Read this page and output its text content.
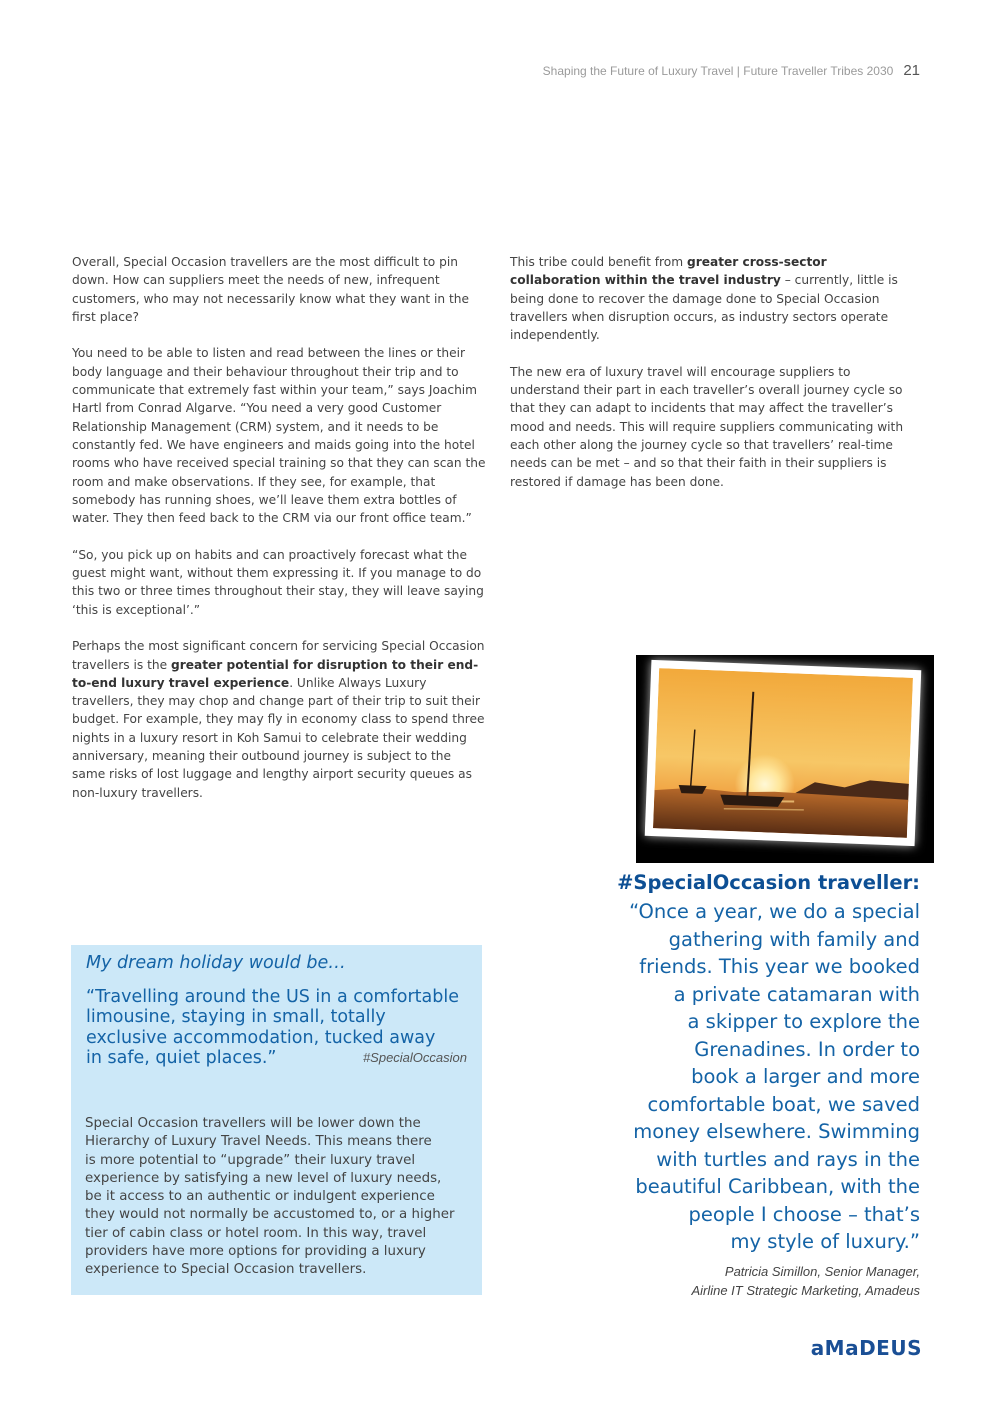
Shaping the Future of Luxury Travel | Future Traveller Tribes 2030 21

Overall, Special Occasion travellers are the most difficult to pin down. How can suppliers meet the needs of new, infrequent customers, who may not necessarily know what they want in the first place?

You need to be able to listen and read between the lines or their body language and their behaviour throughout their trip and to communicate that extremely fast within your team,” says Joachim Hartl from Conrad Algarve. “You need a very good Customer Relationship Management (CRM) system, and it needs to be constantly fed. We have engineers and maids going into the hotel rooms who have received special training so that they can scan the room and make observations. If they see, for example, that somebody has running shoes, we’ll leave them extra bottles of water. They then feed back to the CRM via our front office team.”

“So, you pick up on habits and can proactively forecast what the guest might want, without them expressing it. If you manage to do this two or three times throughout their stay, they will leave saying ‘this is exceptional’.”

Perhaps the most significant concern for servicing Special Occasion travellers is the greater potential for disruption to their end-to-end luxury travel experience. Unlike Always Luxury travellers, they may chop and change part of their trip to suit their budget. For example, they may fly in economy class to spend three nights in a luxury resort in Koh Samui to celebrate their wedding anniversary, meaning their outbound journey is subject to the same risks of lost luggage and lengthy airport security queues as non-luxury travellers.

This tribe could benefit from greater cross-sector collaboration within the travel industry – currently, little is being done to recover the damage done to Special Occasion travellers when disruption occurs, as industry sectors operate independently.

The new era of luxury travel will encourage suppliers to understand their part in each traveller’s overall journey cycle so that they can adapt to incidents that may affect the traveller’s mood and needs. This will require suppliers communicating with each other along the journey cycle so that travellers’ real-time needs can be met – and so that their faith in their suppliers is restored if damage has been done.

#SpecialOccasion traveller:
“Once a year, we do a special
gathering with family and
friends. This year we booked
a private catamaran with
a skipper to explore the
Grenadines. In order to
book a larger and more
comfortable boat, we saved
money elsewhere. Swimming
with turtles and rays in the
beautiful Caribbean, with the
people I choose – that’s
my style of luxury.”
Patricia Simillon, Senior Manager,
Airline IT Strategic Marketing, Amadeus
My dream holiday would be…
“Travelling around the US in a comfortable
limousine, staying in small, totally
exclusive accommodation, tucked away
in safe, quiet places.”	#SpecialOccasion
Special Occasion travellers will be lower down the
Hierarchy of Luxury Travel Needs. This means there
is more potential to “upgrade” their luxury travel
experience by satisfying a new level of luxury needs,
be it access to an authentic or indulgent experience
they would not normally be accustomed to, or a higher
tier of cabin class or hotel room. In this way, travel
providers have more options for providing a luxury
experience to Special Occasion travellers.
aMaDEUS
